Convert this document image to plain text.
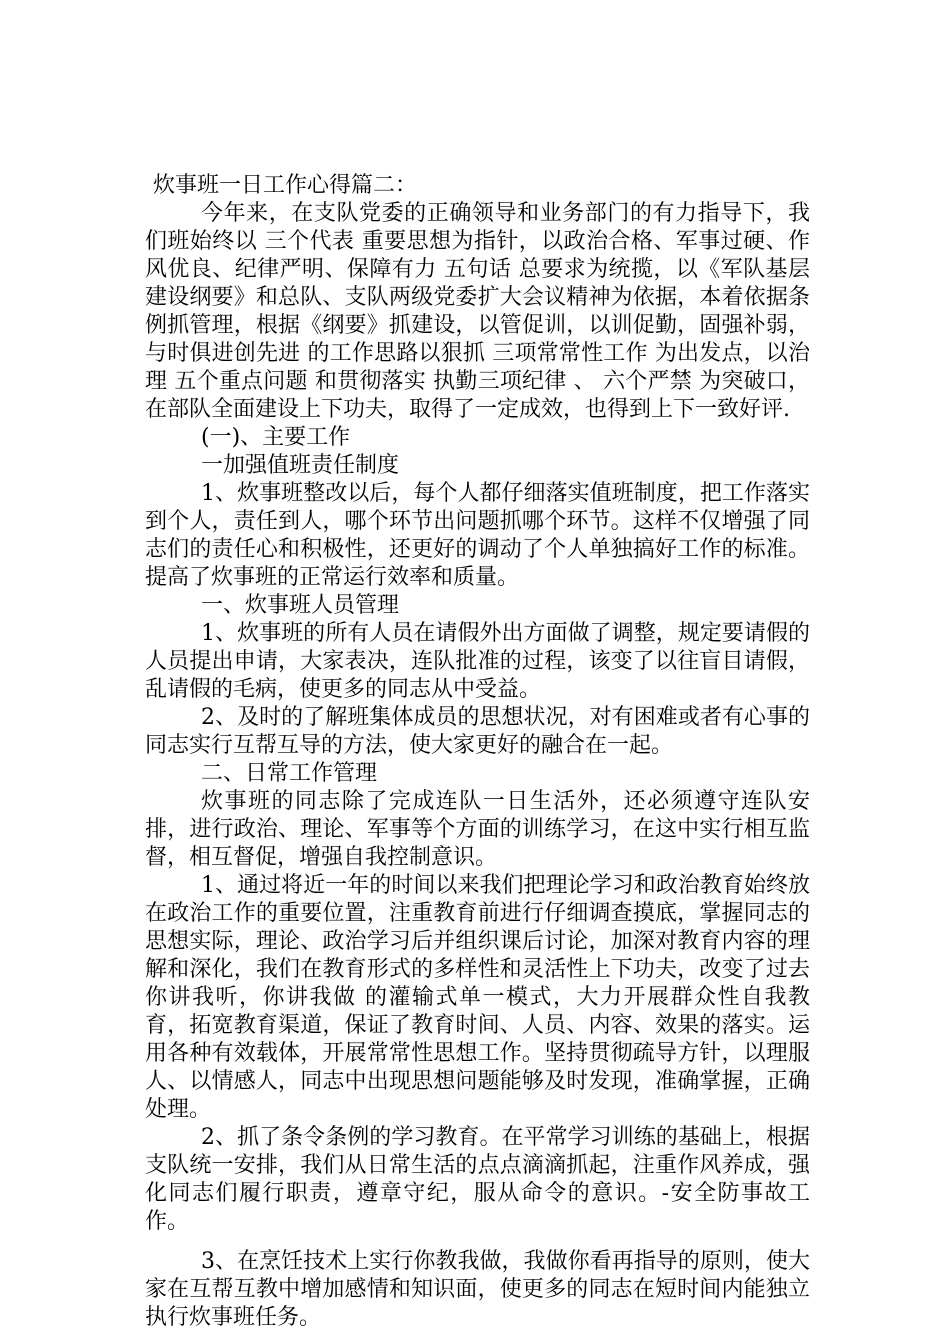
炊事班一日工作心得篇二：

今年来，在支队党委的正确领导和业务部门的有力指导下，我们班始终以 三个代表 重要思想为指针，以政治合格、军事过硬、作风优良、纪律严明、保障有力 五句话 总要求为统揽，以《军队基层建设纲要》和总队、支队两级党委扩大会议精神为依据，本着依据条例抓管理，根据《纲要》抓建设，以管促训，以训促勤，固强补弱，与时俱进创先进 的工作思路以狠抓 三项常常性工作 为出发点，以治理 五个重点问题 和贯彻落实 执勤三项纪律 、 六个严禁 为突破口，在部队全面建设上下功夫，取得了一定成效，也得到上下一致好评.

(一)、主要工作

一加强值班责任制度

1、炊事班整改以后，每个人都仔细落实值班制度，把工作落实到个人，责任到人，哪个环节出问题抓哪个环节。这样不仅增强了同志们的责任心和积极性，还更好的调动了个人单独搞好工作的标准。提高了炊事班的正常运行效率和质量。

一、炊事班人员管理

1、炊事班的所有人员在请假外出方面做了调整，规定要请假的人员提出申请，大家表决，连队批准的过程，该变了以往盲目请假，乱请假的毛病，使更多的同志从中受益。

2、及时的了解班集体成员的思想状况，对有困难或者有心事的同志实行互帮互导的方法，使大家更好的融合在一起。

二、日常工作管理

炊事班的同志除了完成连队一日生活外，还必须遵守连队安排，进行政治、理论、军事等个方面的训练学习，在这中实行相互监督，相互督促，增强自我控制意识。

1、通过将近一年的时间以来我们把理论学习和政治教育始终放在政治工作的重要位置，注重教育前进行仔细调查摸底，掌握同志的思想实际，理论、政治学习后并组织课后讨论，加深对教育内容的理解和深化，我们在教育形式的多样性和灵活性上下功夫，改变了过去 你讲我听，你讲我做 的灌输式单一模式，大力开展群众性自我教育，拓宽教育渠道，保证了教育时间、人员、内容、效果的落实。运用各种有效载体，开展常常性思想工作。坚持贯彻疏导方针，以理服人、以情感人，同志中出现思想问题能够及时发现，准确掌握，正确处理。

2、抓了条令条例的学习教育。在平常学习训练的基础上，根据支队统一安排，我们从日常生活的点点滴滴抓起，注重作风养成，强化同志们履行职责，遵章守纪，服从命令的意识。-安全防事故工作。

3、在烹饪技术上实行你教我做，我做你看再指导的原则，使大家在互帮互教中增加感情和知识面，使更多的同志在短时间内能独立执行炊事班任务。
